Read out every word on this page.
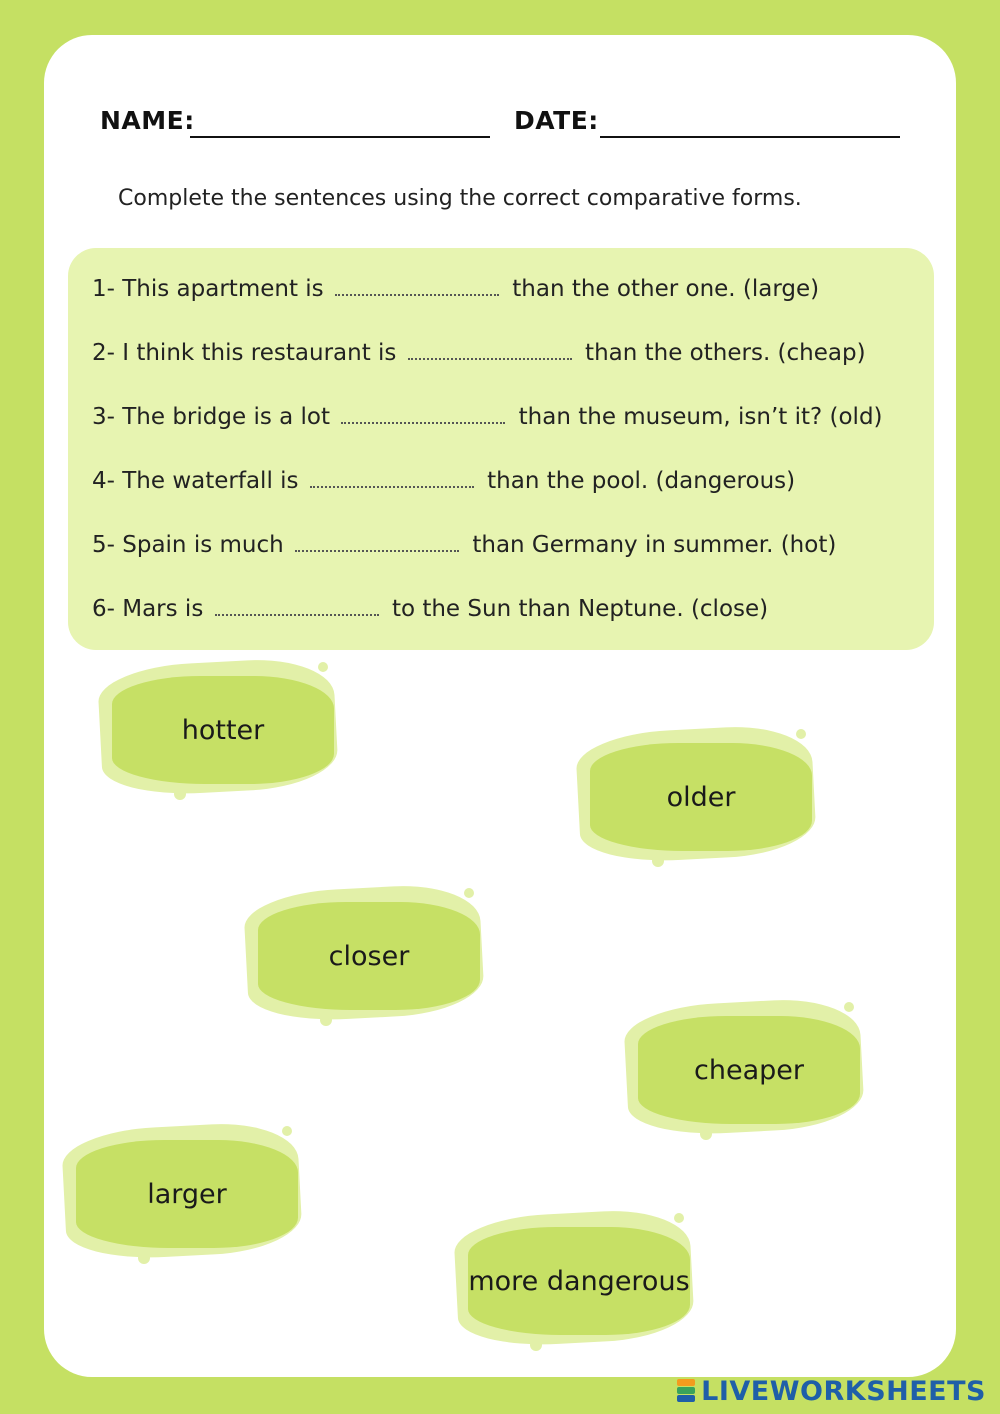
NAME:	DATE:
Complete the sentences using the correct comparative forms.
1- This apartment is	than the other one. (large)
2- I think this restaurant is	than the others. (cheap)
3- The bridge is a lot	than the museum, isn’t it? (old)
4- The waterfall is	than the pool. (dangerous)
5- Spain is much	than Germany in summer. (hot)
6- Mars is	to the Sun than Neptune. (close)
hotter
older
closer
cheaper
larger
more dangerous
LIVEWORKSHEETS
